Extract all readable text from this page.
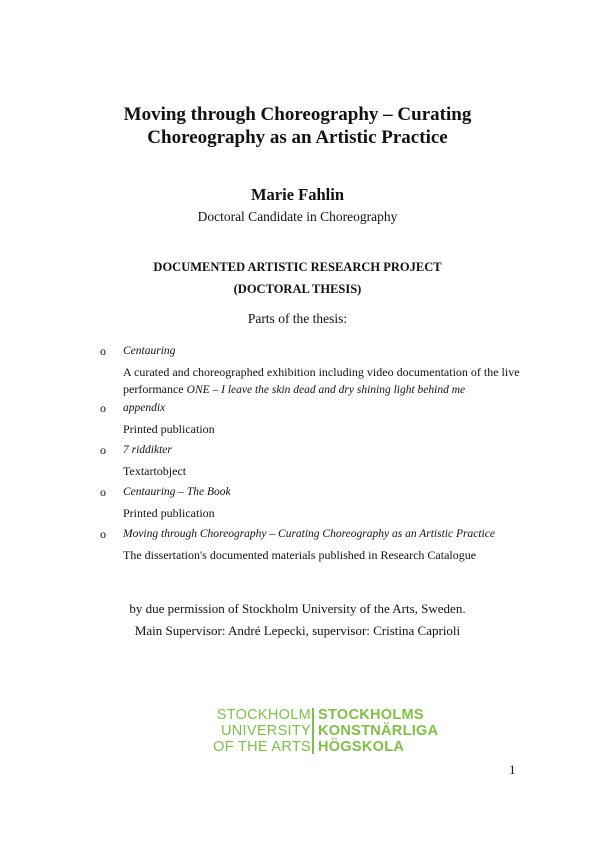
Moving through Choreography – Curating
Choreography as an Artistic Practice
Marie Fahlin
Doctoral Candidate in Choreography
DOCUMENTED ARTISTIC RESEARCH PROJECT
(DOCTORAL THESIS)
Parts of the thesis:
o	Centauring
A curated and choreographed exhibition including video documentation of the live performance ONE – I leave the skin dead and dry shining light behind me
o	appendix
Printed publication
o	7 riddikter
Textartobject
o	Centauring – The Book
Printed publication
o	Moving through Choreography – Curating Choreography as an Artistic Practice
The dissertation's documented materials published in Research Catalogue
by due permission of Stockholm University of the Arts, Sweden.
Main Supervisor: André Lepecki, supervisor: Cristina Caprioli
STOCKHOLM
UNIVERSITY
OF THE ARTS
STOCKHOLMS
KONSTNÄRLIGA
HÖGSKOLA
1
